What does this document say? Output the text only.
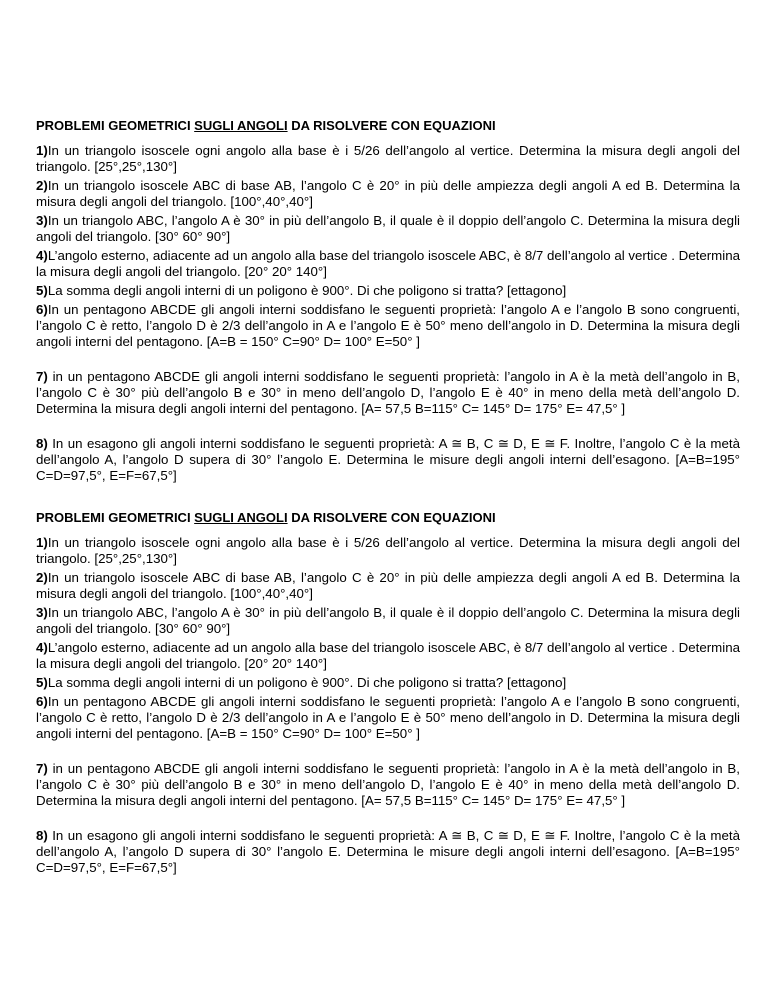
PROBLEMI GEOMETRICI SUGLI ANGOLI DA RISOLVERE CON EQUAZIONI
1)In un triangolo isoscele ogni angolo alla base è i 5/26 dell’angolo al vertice. Determina la misura degli angoli del triangolo. [25°,25°,130°]
2)In un triangolo isoscele ABC di base AB, l’angolo C è 20° in più delle ampiezza degli angoli A ed B. Determina la misura degli angoli del triangolo. [100°,40°,40°]
3)In un triangolo ABC, l’angolo A è 30° in più dell’angolo B, il quale è il doppio dell’angolo C. Determina la misura degli angoli del triangolo. [30° 60° 90°]
4)L’angolo esterno, adiacente ad un angolo alla base del triangolo isoscele ABC, è 8/7 dell’angolo al vertice . Determina la misura degli angoli del triangolo. [20° 20° 140°]
5)La somma degli angoli interni di un poligono è 900°. Di che poligono si tratta? [ettagono]
6)In un pentagono ABCDE gli angoli interni soddisfano le seguenti proprietà: l’angolo A e l’angolo B sono congruenti, l’angolo C è retto, l’angolo D è 2/3 dell’angolo in A e l’angolo E è 50° meno dell’angolo in D. Determina la misura degli angoli interni del pentagono. [A=B = 150° C=90° D= 100° E=50° ]
7) in un pentagono ABCDE gli angoli interni soddisfano le seguenti proprietà: l’angolo in A è la metà dell’angolo in B, l’angolo C è 30° più dell’angolo B e 30° in meno dell’angolo D, l’angolo E è 40° in meno della metà dell’angolo D. Determina la misura degli angoli interni del pentagono. [A= 57,5 B=115° C= 145° D= 175° E= 47,5° ]
8) In un esagono gli angoli interni soddisfano le seguenti proprietà: A ≅ B, C ≅ D, E ≅ F. Inoltre, l’angolo C è la metà dell’angolo A, l’angolo D supera di 30° l’angolo E. Determina le misure degli angoli interni dell’esagono. [A=B=195° C=D=97,5°, E=F=67,5°]
PROBLEMI GEOMETRICI SUGLI ANGOLI DA RISOLVERE CON EQUAZIONI
1)In un triangolo isoscele ogni angolo alla base è i 5/26 dell’angolo al vertice. Determina la misura degli angoli del triangolo. [25°,25°,130°]
2)In un triangolo isoscele ABC di base AB, l’angolo C è 20° in più delle ampiezza degli angoli A ed B. Determina la misura degli angoli del triangolo. [100°,40°,40°]
3)In un triangolo ABC, l’angolo A è 30° in più dell’angolo B, il quale è il doppio dell’angolo C. Determina la misura degli angoli del triangolo. [30° 60° 90°]
4)L’angolo esterno, adiacente ad un angolo alla base del triangolo isoscele ABC, è 8/7 dell’angolo al vertice . Determina la misura degli angoli del triangolo. [20° 20° 140°]
5)La somma degli angoli interni di un poligono è 900°. Di che poligono si tratta? [ettagono]
6)In un pentagono ABCDE gli angoli interni soddisfano le seguenti proprietà: l’angolo A e l’angolo B sono congruenti, l’angolo C è retto, l’angolo D è 2/3 dell’angolo in A e l’angolo E è 50° meno dell’angolo in D. Determina la misura degli angoli interni del pentagono. [A=B = 150° C=90° D= 100° E=50° ]
7) in un pentagono ABCDE gli angoli interni soddisfano le seguenti proprietà: l’angolo in A è la metà dell’angolo in B, l’angolo C è 30° più dell’angolo B e 30° in meno dell’angolo D, l’angolo E è 40° in meno della metà dell’angolo D. Determina la misura degli angoli interni del pentagono. [A= 57,5 B=115° C= 145° D= 175° E= 47,5° ]
8) In un esagono gli angoli interni soddisfano le seguenti proprietà: A ≅ B, C ≅ D, E ≅ F. Inoltre, l’angolo C è la metà dell’angolo A, l’angolo D supera di 30° l’angolo E. Determina le misure degli angoli interni dell’esagono. [A=B=195° C=D=97,5°, E=F=67,5°]
